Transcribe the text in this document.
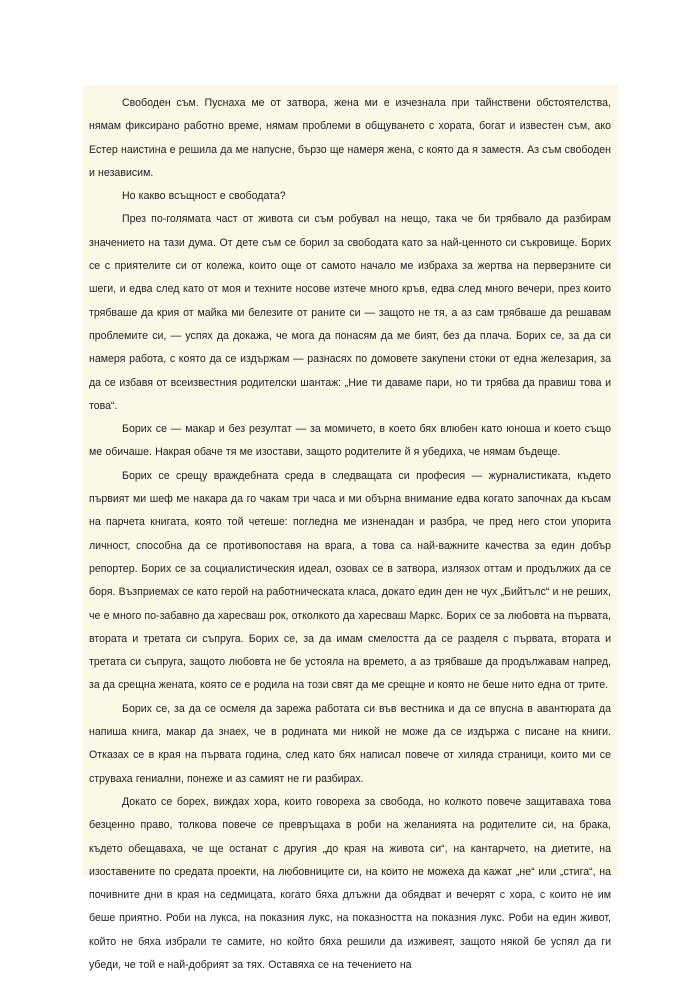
Свободен съм. Пуснаха ме от затвора, жена ми е изчезнала при тайнствени обстоятелства, нямам фиксирано работно време, нямам проблеми в общуването с хората, богат и известен съм, ако Естер наистина е решила да ме напусне, бързо ще намеря жена, с която да я заместя. Аз съм свободен и независим.

Но какво всъщност е свободата?

През по-голямата част от живота си съм робувал на нещо, така че би трябвало да разбирам значението на тази дума. От дете съм се борил за свободата като за най-ценното си съкровище. Борих се с приятелите си от колежа, които още от самото начало ме избраха за жертва на перверзните си шеги, и едва след като от моя и техните носове изтече много кръв, едва след много вечери, през които трябваше да крия от майка ми белезите от раните си — защото не тя, а аз сам трябваше да решавам проблемите си, — успях да докажа, че мога да понасям да ме бият, без да плача. Борих се, за да си намеря работа, с която да се издържам — разнасях по домовете закупени стоки от една железария, за да се избавя от всеизвестния родителски шантаж: „Ние ти даваме пари, но ти трябва да правиш това и това“.

Борих се — макар и без резултат — за момичето, в което бях влюбен като юноша и което също ме обичаше. Накрая обаче тя ме изостави, защото родителите й я убедиха, че нямам бъдеще.

Борих се срещу враждебната среда в следващата си професия — журналистиката, където първият ми шеф ме накара да го чакам три часа и ми обърна внимание едва когато започнах да късам на парчета книгата, която той четеше: погледна ме изненадан и разбра, че пред него стои упорита личност, способна да се противопоставя на врага, а това са най-важните качества за един добър репортер. Борих се за социалистическия идеал, озовах се в затвора, излязох оттам и продължих да се боря. Възприемах се като герой на работническата класа, докато един ден не чух „Бийтълс“ и не реших, че е много по-забавно да харесваш рок, отколкото да харесваш Маркс. Борих се за любовта на първата, втората и третата си съпруга. Борих се, за да имам смелостта да се разделя с първата, втората и третата си съпруга, защото любовта не бе устояла на времето, а аз трябваше да продължавам напред, за да срещна жената, която се е родила на този свят да ме срещне и която не беше нито една от трите.

Борих се, за да се осмеля да зарежа работата си във вестника и да се впусна в авантюрата да напиша книга, макар да знаех, че в родината ми никой не може да се издържа с писане на книги. Отказах се в края на първата година, след като бях написал повече от хиляда страници, които ми се струваха гениални, понеже и аз самият не ги разбирах.

Докато се борех, виждах хора, които говореха за свобода, но колкото повече защитаваха това безценно право, толкова повече се превръщаха в роби на желанията на родителите си, на брака, където обещаваха, че ще останат с другия „до края на живота си“, на кантарчето, на диетите, на изоставените по средата проекти, на любовниците си, на които не можеха да кажат „не“ или „стига“, на почивните дни в края на седмицата, когато бяха длъжни да обядват и вечерят с хора, с които не им беше приятно. Роби на лукса, на показния лукс, на показността на показния лукс. Роби на един живот, който не бяха избрали те самите, но който бяха решили да изживеят, защото някой бе успял да ги убеди, че той е най-добрият за тях. Оставяха се на течението на
